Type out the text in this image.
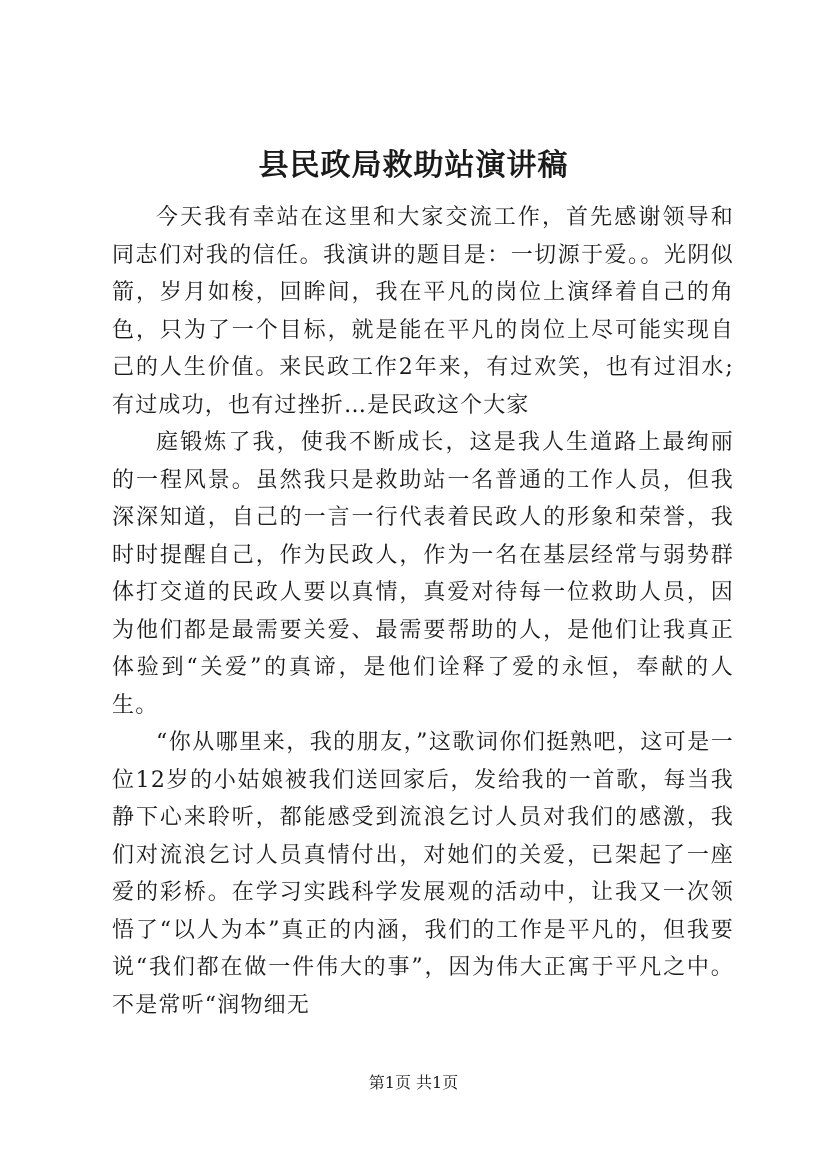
县民政局救助站演讲稿

今天我有幸站在这里和大家交流工作，首先感谢领导和同志们对我的信任。我演讲的题目是：一切源于爱。。光阴似箭，岁月如梭，回眸间，我在平凡的岗位上演绎着自己的角色，只为了一个目标，就是能在平凡的岗位上尽可能实现自己的人生价值。来民政工作2年来，有过欢笑，也有过泪水;有过成功，也有过挫折…是民政这个大家

庭锻炼了我，使我不断成长，这是我人生道路上最绚丽的一程风景。虽然我只是救助站一名普通的工作人员，但我深深知道，自己的一言一行代表着民政人的形象和荣誉，我时时提醒自己，作为民政人，作为一名在基层经常与弱势群体打交道的民政人要以真情，真爱对待每一位救助人员，因为他们都是最需要关爱、最需要帮助的人，是他们让我真正体验到“关爱”的真谛，是他们诠释了爱的永恒，奉献的人生。

“你从哪里来，我的朋友，”这歌词你们挺熟吧，这可是一位12岁的小姑娘被我们送回家后，发给我的一首歌，每当我静下心来聆听，都能感受到流浪乞讨人员对我们的感激，我们对流浪乞讨人员真情付出，对她们的关爱，已架起了一座爱的彩桥。在学习实践科学发展观的活动中，让我又一次领悟了“以人为本”真正的内涵，我们的工作是平凡的，但我要说“我们都在做一件伟大的事”，因为伟大正寓于平凡之中。不是常听“润物细无

第1页 共1页
